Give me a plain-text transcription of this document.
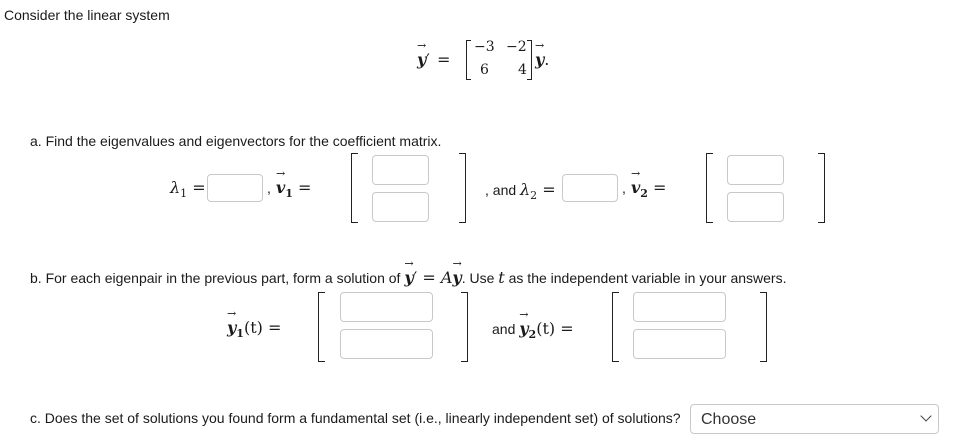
Consider the linear system
y
→
′ =
−3 −2
6 4
y
→
.
a. Find the eigenvalues and eigenvectors for the coefficient matrix.
$\lambda_1$ =	, v
→
$_1$ =	, and $\lambda_2$ =	, v
→
$_2$ =
b. For each eigenpair in the previous part, form a solution of y
→
′ = Ay
→
. Use t as the independent variable in your answers.
y
→
$_1$(t) =	and y
→
$_2$(t) =
c. Does the set of solutions you found form a fundamental set (i.e., linearly independent set) of solutions? Choose
